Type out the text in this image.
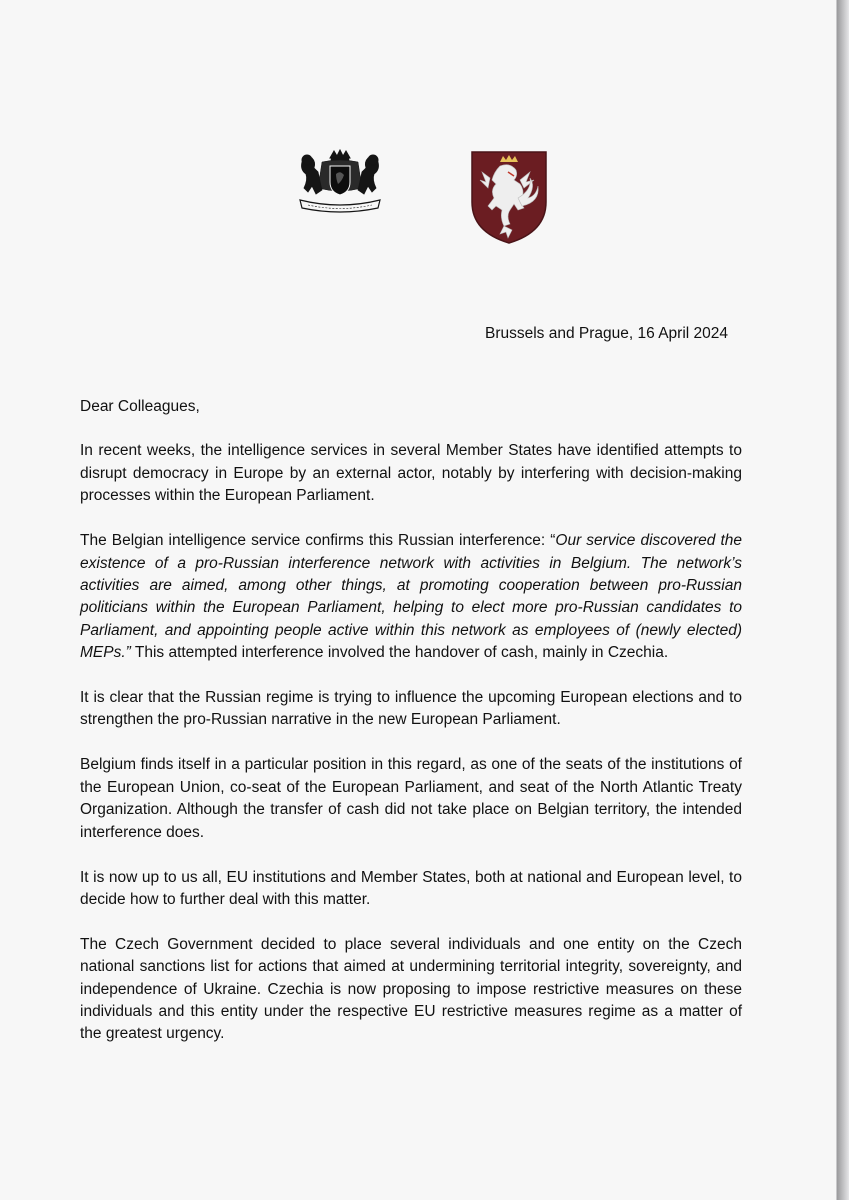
Brussels and Prague, 16 April 2024

Dear Colleagues,

In recent weeks, the intelligence services in several Member States have identified attempts to disrupt democracy in Europe by an external actor, notably by interfering with decision-making processes within the European Parliament.

The Belgian intelligence service confirms this Russian interference: “Our service discovered the existence of a pro-Russian interference network with activities in Belgium. The network’s activities are aimed, among other things, at promoting cooperation between pro-Russian politicians within the European Parliament, helping to elect more pro-Russian candidates to Parliament, and appointing people active within this network as employees of (newly elected) MEPs.” This attempted interference involved the handover of cash, mainly in Czechia.

It is clear that the Russian regime is trying to influence the upcoming European elections and to strengthen the pro-Russian narrative in the new European Parliament.

Belgium finds itself in a particular position in this regard, as one of the seats of the institutions of the European Union, co-seat of the European Parliament, and seat of the North Atlantic Treaty Organization. Although the transfer of cash did not take place on Belgian territory, the intended interference does.

It is now up to us all, EU institutions and Member States, both at national and European level, to decide how to further deal with this matter.

The Czech Government decided to place several individuals and one entity on the Czech national sanctions list for actions that aimed at undermining territorial integrity, sovereignty, and independence of Ukraine. Czechia is now proposing to impose restrictive measures on these individuals and this entity under the respective EU restrictive measures regime as a matter of the greatest urgency.
